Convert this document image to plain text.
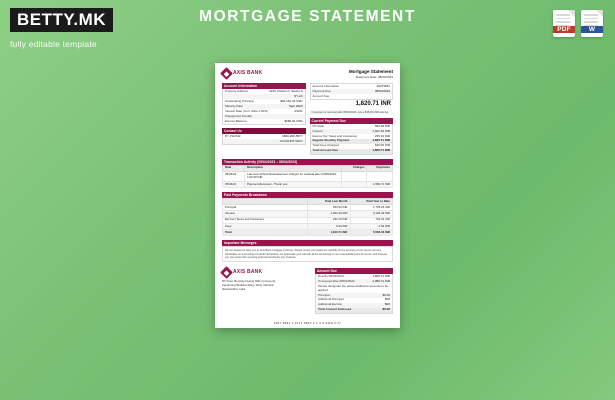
BETTY.MK
fully editable template
MORTGAGE STATEMENT
PDF	W
AXIS BANK	Mortgage Statement
Statement Date: 08/04/2024
Account Information
Property Address	1235, Pocket C, Sector 9
NY-LS
Outstanding Principal	$64,151.43 USD
Maturity Date	Sept 2029
Interest Rate (Curr. Rate 4.50%)	4.50%
Prepayment Penalty
Escrow Balance	$282.04 USD
Contact Us
BY PHONE	1800-209-5577
ACCOUNT INFO
Account Information	20279691
Payment Due	08/04/2024
Amount Due
1,820.71 INR
If payment is received after 08/04/2024, pay a $45.00 USD late fee.
Current Payment Due
Principal	563.48 INR
Interest	1,021.94 INR
Escrow (for Taxes and Insurance)	235.19 INR
Regular Monthly Payment	1,820.71 INR
Total Fees Charged	160.00 INR
Total Amount Due	1,820.71 INR
Transaction Activity (05/04/2023 – 08/04/2023)
Date	Description	Charges	Payments
05/04/24	Late Fee without Reinstatement charges for residual after 03/09/2023, 1:00:30 INR		
05/04/24	Payment Received - Thank you		1,580.71 INR
Past Payments Breakdown
	Paid Last Month	Paid Year to Date
Principal	553.53 INR	1,735.25 INR
Interest	1,021.94 INR	3,128.44 INR
Escrow (Taxes and Insurance)	232.19 INR	702.34 INR
Fees	0.00 INR	0.00 INR
Total	1,810.71 INR	5,566.03 INR
Important Messages
We are pleased to have you as Axis Bank mortgage customer. Please review your statement carefully for the accuracy of our service and any clarification on accounting of overall transactions, we appreciate your call with all the accounting on our understanding and for tenure, and however you can contact the servicing professional directly any of advice.
AXIS BANK
6th Floor, Bombay Dyeing Mills Compound,
Pandurang Budhkar Marg, Worli, Mumbai,
Maharashtra, India
Amount Due
Due By 08/04/2024	1,820.71 INR
If received after 08/04/2024	2,080.71 INR
Please designate the below additional amounts to be applied
Principal	$0.00
Additional Principal	$00
Additional Escrow	$00
Total Amount Enclosed	$0.00
2027 9691 1 4171 0810 2 1 4 0 3110 2 27
